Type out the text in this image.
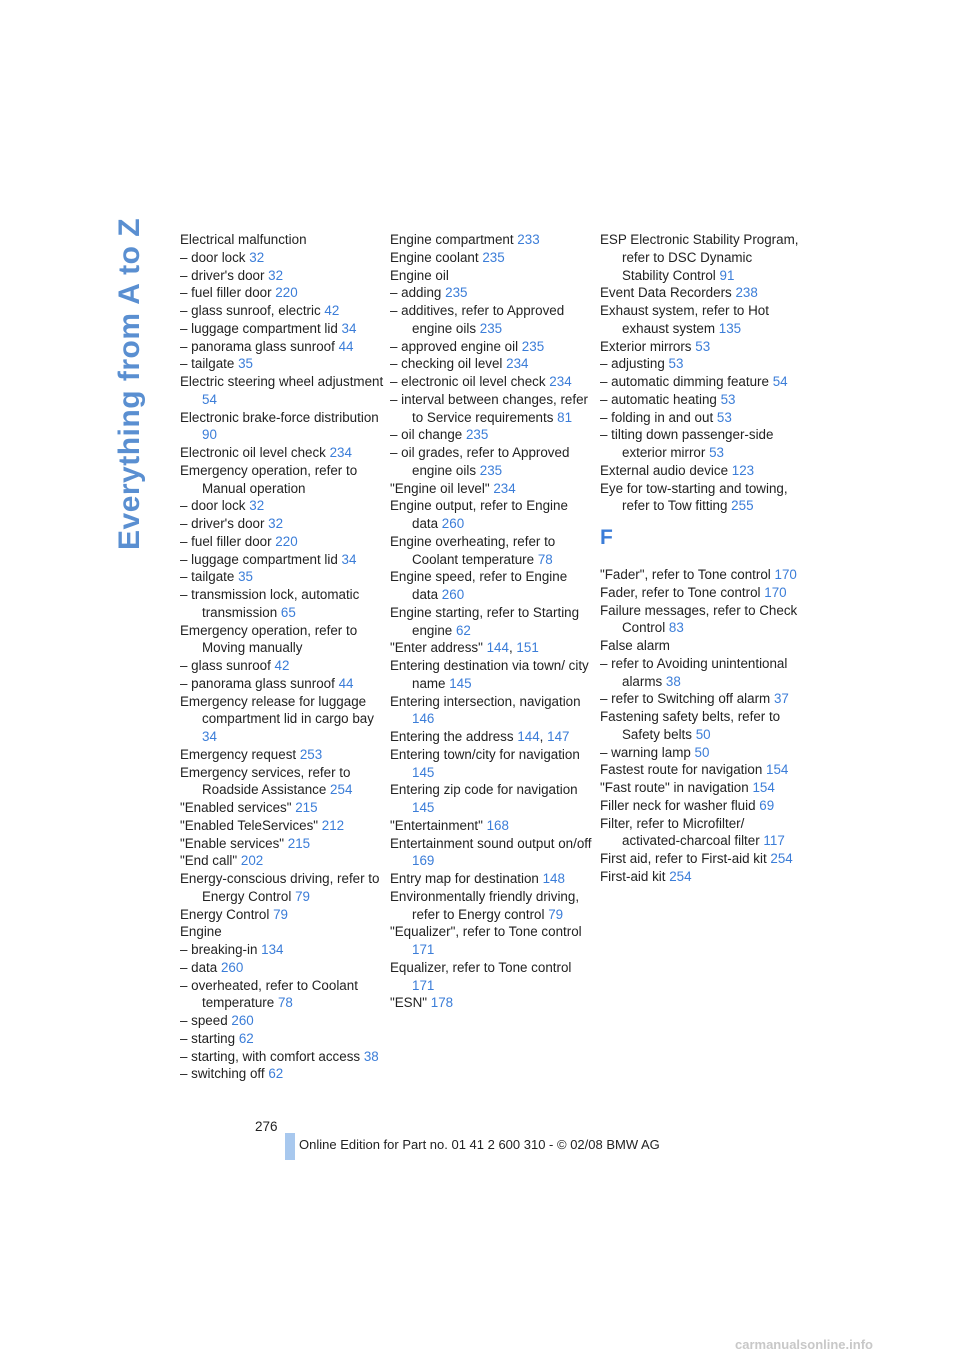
Everything from A to Z	Electrical malfunction

– door lock 32

– driver's door 32

– fuel filler door 220

– glass sunroof, electric 42

– luggage compartment lid 34

– panorama glass sunroof 44

– tailgate 35

Electric steering wheel adjustment 54

Electronic brake-force distribution 90

Electronic oil level check 234

Emergency operation, refer to Manual operation

– door lock 32

– driver's door 32

– fuel filler door 220

– luggage compartment lid 34

– tailgate 35

– transmission lock, automatic transmission 65

Emergency operation, refer to Moving manually

– glass sunroof 42

– panorama glass sunroof 44

Emergency release for luggage compartment lid in cargo bay 34

Emergency request 253

Emergency services, refer to Roadside Assistance 254

"Enabled services" 215

"Enabled TeleServices" 212

"Enable services" 215

"End call" 202

Energy-conscious driving, refer to Energy Control 79

Energy Control 79

Engine

– breaking-in 134

– data 260

– overheated, refer to Coolant temperature 78

– speed 260

– starting 62

– starting, with comfort access 38

– switching off 62

Engine compartment 233

Engine coolant 235

Engine oil

– adding 235

– additives, refer to Approved engine oils 235

– approved engine oil 235

– checking oil level 234

– electronic oil level check 234

– interval between changes, refer to Service requirements 81

– oil change 235

– oil grades, refer to Approved engine oils 235

"Engine oil level" 234

Engine output, refer to Engine data 260

Engine overheating, refer to Coolant temperature 78

Engine speed, refer to Engine data 260

Engine starting, refer to Starting engine 62

"Enter address" 144, 151

Entering destination via town/ city name 145

Entering intersection, navigation 146

Entering the address 144, 147

Entering town/city for navigation 145

Entering zip code for navigation 145

"Entertainment" 168

Entertainment sound output on/off 169

Entry map for destination 148

Environmentally friendly driving, refer to Energy control 79

"Equalizer", refer to Tone control 171

Equalizer, refer to Tone control 171

"ESN" 178

ESP Electronic Stability Program, refer to DSC Dynamic Stability Control 91

Event Data Recorders 238

Exhaust system, refer to Hot exhaust system 135

Exterior mirrors 53

– adjusting 53

– automatic dimming feature 54

– automatic heating 53

– folding in and out 53

– tilting down passenger-side exterior mirror 53

External audio device 123

Eye for tow-starting and towing, refer to Tow fitting 255

F

"Fader", refer to Tone control 170

Fader, refer to Tone control 170

Failure messages, refer to Check Control 83

False alarm

– refer to Avoiding unintentional alarms 38

– refer to Switching off alarm 37

Fastening safety belts, refer to Safety belts 50

– warning lamp 50

Fastest route for navigation 154

"Fast route" in navigation 154

Filler neck for washer fluid 69

Filter, refer to Microfilter/ activated-charcoal filter 117

First aid, refer to First-aid kit 254

First-aid kit 254

276
Online Edition for Part no. 01 41 2 600 310 - © 02/08 BMW AG
carmanualsonline.info
